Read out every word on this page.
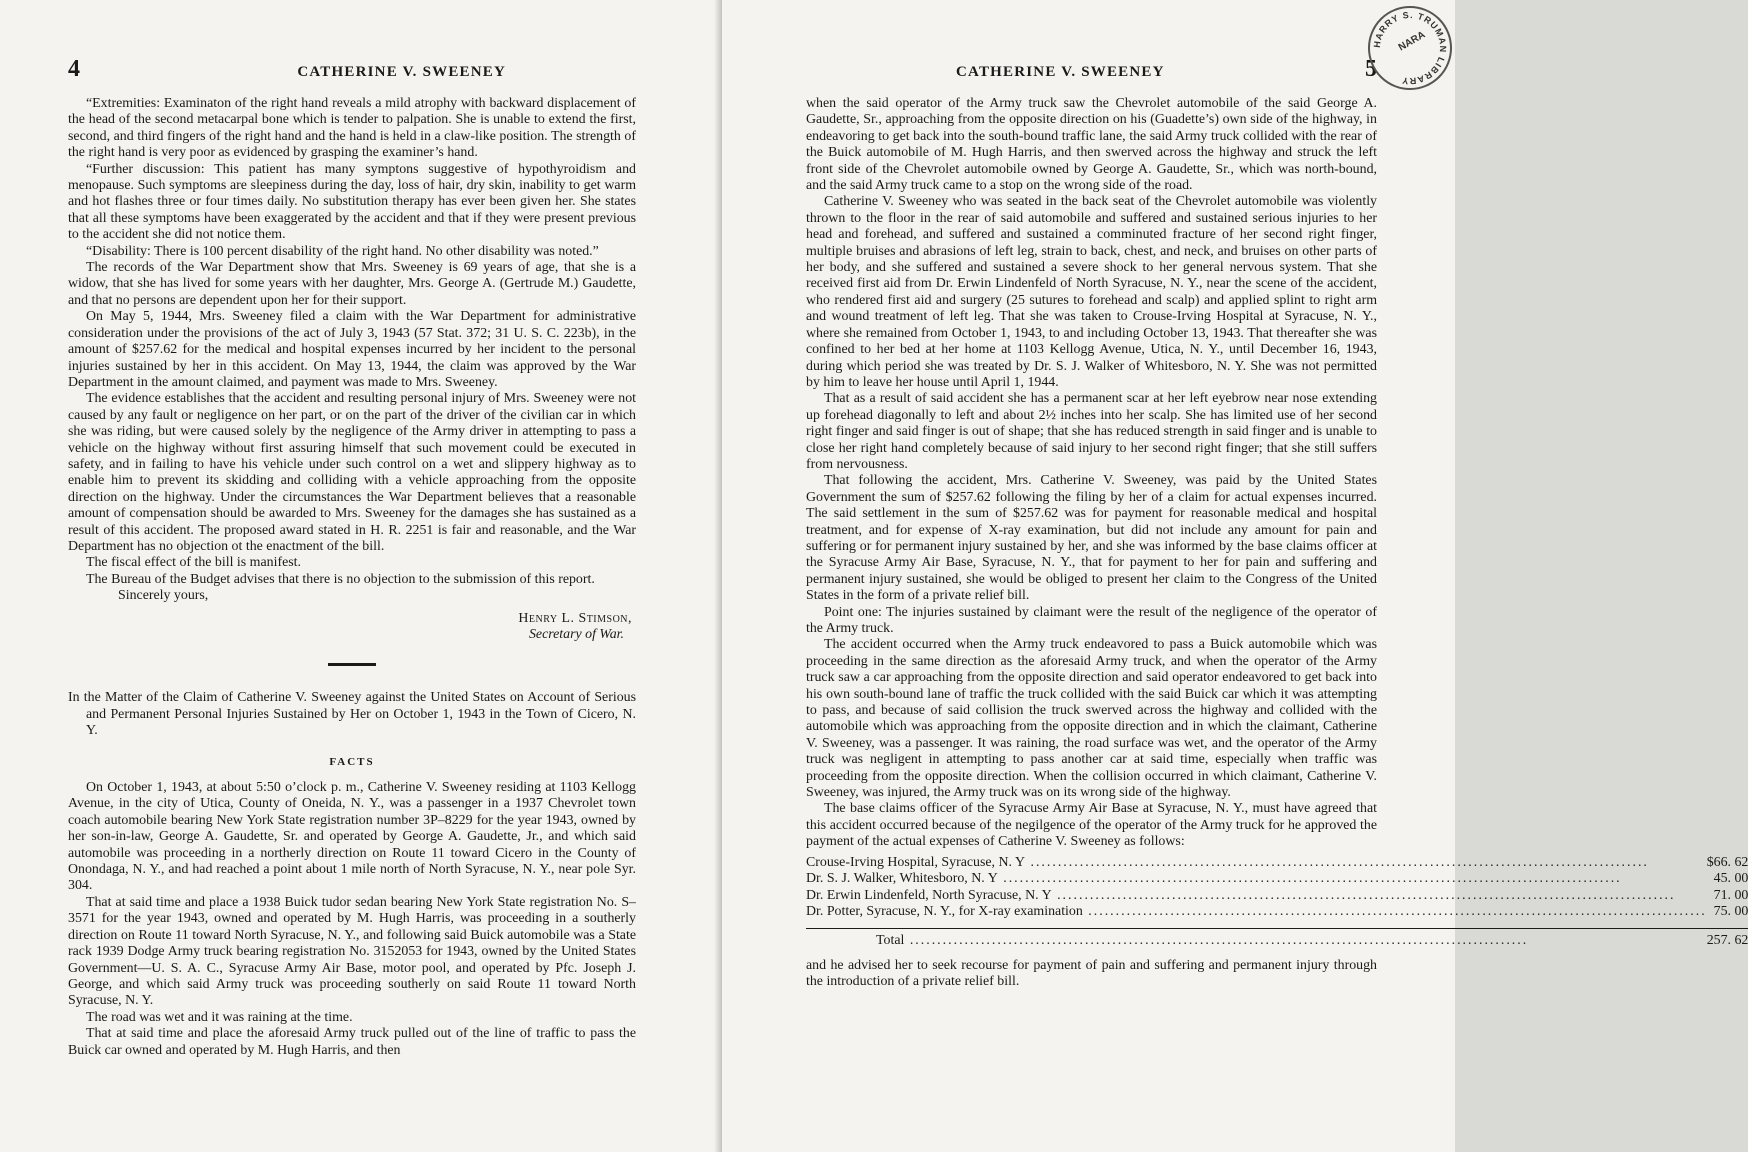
4	CATHERINE V. SWEENEY

“Extremities: Examinaton of the right hand reveals a mild atrophy with backward displacement of the head of the second metacarpal bone which is tender to palpation. She is unable to extend the first, second, and third fingers of the right hand and the hand is held in a claw-like position. The strength of the right hand is very poor as evidenced by grasping the examiner’s hand.

“Further discussion: This patient has many symptons suggestive of hypothyroidism and menopause. Such symptoms are sleepiness during the day, loss of hair, dry skin, inability to get warm and hot flashes three or four times daily. No substitution therapy has ever been given her. She states that all these symptoms have been exaggerated by the accident and that if they were present previous to the accident she did not notice them.

“Disability: There is 100 percent disability of the right hand. No other disability was noted.”

The records of the War Department show that Mrs. Sweeney is 69 years of age, that she is a widow, that she has lived for some years with her daughter, Mrs. George A. (Gertrude M.) Gaudette, and that no persons are dependent upon her for their support.

On May 5, 1944, Mrs. Sweeney filed a claim with the War Department for administrative consideration under the provisions of the act of July 3, 1943 (57 Stat. 372; 31 U. S. C. 223b), in the amount of $257.62 for the medical and hospital expenses incurred by her incident to the personal injuries sustained by her in this accident. On May 13, 1944, the claim was approved by the War Department in the amount claimed, and payment was made to Mrs. Sweeney.

The evidence establishes that the accident and resulting personal injury of Mrs. Sweeney were not caused by any fault or negligence on her part, or on the part of the driver of the civilian car in which she was riding, but were caused solely by the negligence of the Army driver in attempting to pass a vehicle on the highway without first assuring himself that such movement could be executed in safety, and in failing to have his vehicle under such control on a wet and slippery highway as to enable him to prevent its skidding and colliding with a vehicle approaching from the opposite direction on the highway. Under the circumstances the War Department believes that a reasonable amount of compensation should be awarded to Mrs. Sweeney for the damages she has sustained as a result of this accident. The proposed award stated in H. R. 2251 is fair and reasonable, and the War Department has no objection ot the enactment of the bill.

The fiscal effect of the bill is manifest.

The Bureau of the Budget advises that there is no objection to the submission of this report.

Sincerely yours,

Henry L. Stimson,
Secretary of War.

In the Matter of the Claim of Catherine V. Sweeney against the United States on Account of Serious and Permanent Personal Injuries Sustained by Her on October 1, 1943 in the Town of Cicero, N. Y.

FACTS

On October 1, 1943, at about 5:50 o’clock p. m., Catherine V. Sweeney residing at 1103 Kellogg Avenue, in the city of Utica, County of Oneida, N. Y., was a passenger in a 1937 Chevrolet town coach automobile bearing New York State registration number 3P–8229 for the year 1943, owned by her son-in-law, George A. Gaudette, Sr. and operated by George A. Gaudette, Jr., and which said automobile was proceeding in a northerly direction on Route 11 toward Cicero in the County of Onondaga, N. Y., and had reached a point about 1 mile north of North Syracuse, N. Y., near pole Syr. 304.

That at said time and place a 1938 Buick tudor sedan bearing New York State registration No. S–3571 for the year 1943, owned and operated by M. Hugh Harris, was proceeding in a southerly direction on Route 11 toward North Syracuse, N. Y., and following said Buick automobile was a State rack 1939 Dodge Army truck bearing registration No. 3152053 for 1943, owned by the United States Government—U. S. A. C., Syracuse Army Air Base, motor pool, and operated by Pfc. Joseph J. George, and which said Army truck was proceeding southerly on said Route 11 toward North Syracuse, N. Y.

The road was wet and it was raining at the time.

That at said time and place the aforesaid Army truck pulled out of the line of traffic to pass the Buick car owned and operated by M. Hugh Harris, and then

CATHERINE V. SWEENEY	5

when the said operator of the Army truck saw the Chevrolet automobile of the said George A. Gaudette, Sr., approaching from the opposite direction on his (Guadette’s) own side of the highway, in endeavoring to get back into the south-bound traffic lane, the said Army truck collided with the rear of the Buick automobile of M. Hugh Harris, and then swerved across the highway and struck the left front side of the Chevrolet automobile owned by George A. Gaudette, Sr., which was north-bound, and the said Army truck came to a stop on the wrong side of the road.

Catherine V. Sweeney who was seated in the back seat of the Chevrolet automobile was violently thrown to the floor in the rear of said automobile and suffered and sustained serious injuries to her head and forehead, and suffered and sustained a comminuted fracture of her second right finger, multiple bruises and abrasions of left leg, strain to back, chest, and neck, and bruises on other parts of her body, and she suffered and sustained a severe shock to her general nervous system. That she received first aid from Dr. Erwin Lindenfeld of North Syracuse, N. Y., near the scene of the accident, who rendered first aid and surgery (25 sutures to forehead and scalp) and applied splint to right arm and wound treatment of left leg. That she was taken to Crouse-Irving Hospital at Syracuse, N. Y., where she remained from October 1, 1943, to and including October 13, 1943. That thereafter she was confined to her bed at her home at 1103 Kellogg Avenue, Utica, N. Y., until December 16, 1943, during which period she was treated by Dr. S. J. Walker of Whitesboro, N. Y. She was not permitted by him to leave her house until April 1, 1944.

That as a result of said accident she has a permanent scar at her left eyebrow near nose extending up forehead diagonally to left and about 2½ inches into her scalp. She has limited use of her second right finger and said finger is out of shape; that she has reduced strength in said finger and is unable to close her right hand completely because of said injury to her second right finger; that she still suffers from nervousness.

That following the accident, Mrs. Catherine V. Sweeney, was paid by the United States Government the sum of $257.62 following the filing by her of a claim for actual expenses incurred. The said settlement in the sum of $257.62 was for payment for reasonable medical and hospital treatment, and for expense of X-ray examination, but did not include any amount for pain and suffering or for permanent injury sustained by her, and she was informed by the base claims officer at the Syracuse Army Air Base, Syracuse, N. Y., that for payment to her for pain and suffering and permanent injury sustained, she would be obliged to present her claim to the Congress of the United States in the form of a private relief bill.

Point one: The injuries sustained by claimant were the result of the negligence of the operator of the Army truck.

The accident occurred when the Army truck endeavored to pass a Buick automobile which was proceeding in the same direction as the aforesaid Army truck, and when the operator of the Army truck saw a car approaching from the opposite direction and said operator endeavored to get back into his own south-bound lane of traffic the truck collided with the said Buick car which it was attempting to pass, and because of said collision the truck swerved across the highway and collided with the automobile which was approaching from the opposite direction and in which the claimant, Catherine V. Sweeney, was a passenger. It was raining, the road surface was wet, and the operator of the Army truck was negligent in attempting to pass another car at said time, especially when traffic was proceeding from the opposite direction. When the collision occurred in which claimant, Catherine V. Sweeney, was injured, the Army truck was on its wrong side of the highway.

The base claims officer of the Syracuse Army Air Base at Syracuse, N. Y., must have agreed that this accident occurred because of the negilgence of the operator of the Army truck for he approved the payment of the actual expenses of Catherine V. Sweeney as follows:

Crouse-Irving Hospital, Syracuse, N. Y .....	$66. 62
Dr. S. J. Walker, Whitesboro, N. Y .....	45. 00
Dr. Erwin Lindenfeld, North Syracuse, N. Y .....	71. 00
Dr. Potter, Syracuse, N. Y., for X-ray examination .....	75. 00

Total .....	257. 62

and he advised her to seek recourse for payment of pain and suffering and permanent injury through the introduction of a private relief bill.

HARRY S. TRUMAN LIBRARY
NARA
